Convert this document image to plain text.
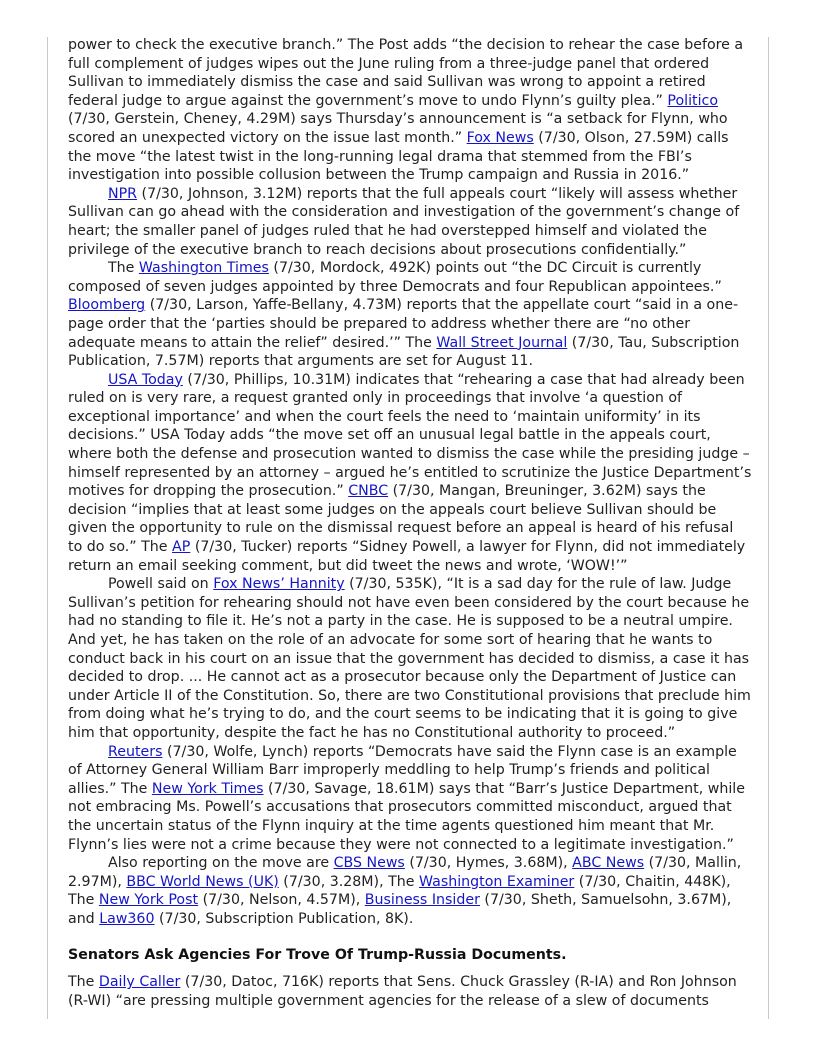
power to check the executive branch.” The Post adds “the decision to rehear the case before a full complement of judges wipes out the June ruling from a three-judge panel that ordered Sullivan to immediately dismiss the case and said Sullivan was wrong to appoint a retired federal judge to argue against the government’s move to undo Flynn’s guilty plea.” Politico (7/30, Gerstein, Cheney, 4.29M) says Thursday’s announcement is “a setback for Flynn, who scored an unexpected victory on the issue last month.” Fox News (7/30, Olson, 27.59M) calls the move “the latest twist in the long-running legal drama that stemmed from the FBI’s investigation into possible collusion between the Trump campaign and Russia in 2016.”

NPR (7/30, Johnson, 3.12M) reports that the full appeals court “likely will assess whether Sullivan can go ahead with the consideration and investigation of the government’s change of heart; the smaller panel of judges ruled that he had overstepped himself and violated the privilege of the executive branch to reach decisions about prosecutions confidentially.”

The Washington Times (7/30, Mordock, 492K) points out “the DC Circuit is currently composed of seven judges appointed by three Democrats and four Republican appointees.” Bloomberg (7/30, Larson, Yaffe-Bellany, 4.73M) reports that the appellate court “said in a one-page order that the ‘parties should be prepared to address whether there are “no other adequate means to attain the relief” desired.’” The Wall Street Journal (7/30, Tau, Subscription Publication, 7.57M) reports that arguments are set for August 11.

USA Today (7/30, Phillips, 10.31M) indicates that “rehearing a case that had already been ruled on is very rare, a request granted only in proceedings that involve ‘a question of exceptional importance’ and when the court feels the need to ‘maintain uniformity’ in its decisions.” USA Today adds “the move set off an unusual legal battle in the appeals court, where both the defense and prosecution wanted to dismiss the case while the presiding judge – himself represented by an attorney – argued he’s entitled to scrutinize the Justice Department’s motives for dropping the prosecution.” CNBC (7/30, Mangan, Breuninger, 3.62M) says the decision “implies that at least some judges on the appeals court believe Sullivan should be given the opportunity to rule on the dismissal request before an appeal is heard of his refusal to do so.” The AP (7/30, Tucker) reports “Sidney Powell, a lawyer for Flynn, did not immediately return an email seeking comment, but did tweet the news and wrote, ‘WOW!’”

Powell said on Fox News’ Hannity (7/30, 535K), “It is a sad day for the rule of law. Judge Sullivan’s petition for rehearing should not have even been considered by the court because he had no standing to file it. He’s not a party in the case. He is supposed to be a neutral umpire. And yet, he has taken on the role of an advocate for some sort of hearing that he wants to conduct back in his court on an issue that the government has decided to dismiss, a case it has decided to drop. ... He cannot act as a prosecutor because only the Department of Justice can under Article II of the Constitution. So, there are two Constitutional provisions that preclude him from doing what he’s trying to do, and the court seems to be indicating that it is going to give him that opportunity, despite the fact he has no Constitutional authority to proceed.”

Reuters (7/30, Wolfe, Lynch) reports “Democrats have said the Flynn case is an example of Attorney General William Barr improperly meddling to help Trump’s friends and political allies.” The New York Times (7/30, Savage, 18.61M) says that “Barr’s Justice Department, while not embracing Ms. Powell’s accusations that prosecutors committed misconduct, argued that the uncertain status of the Flynn inquiry at the time agents questioned him meant that Mr. Flynn’s lies were not a crime because they were not connected to a legitimate investigation.”

Also reporting on the move are CBS News (7/30, Hymes, 3.68M), ABC News (7/30, Mallin, 2.97M), BBC World News (UK) (7/30, 3.28M), The Washington Examiner (7/30, Chaitin, 448K), The New York Post (7/30, Nelson, 4.57M), Business Insider (7/30, Sheth, Samuelsohn, 3.67M), and Law360 (7/30, Subscription Publication, 8K).

Senators Ask Agencies For Trove Of Trump-Russia Documents.

The Daily Caller (7/30, Datoc, 716K) reports that Sens. Chuck Grassley (R-IA) and Ron Johnson (R-WI) “are pressing multiple government agencies for the release of a slew of documents
